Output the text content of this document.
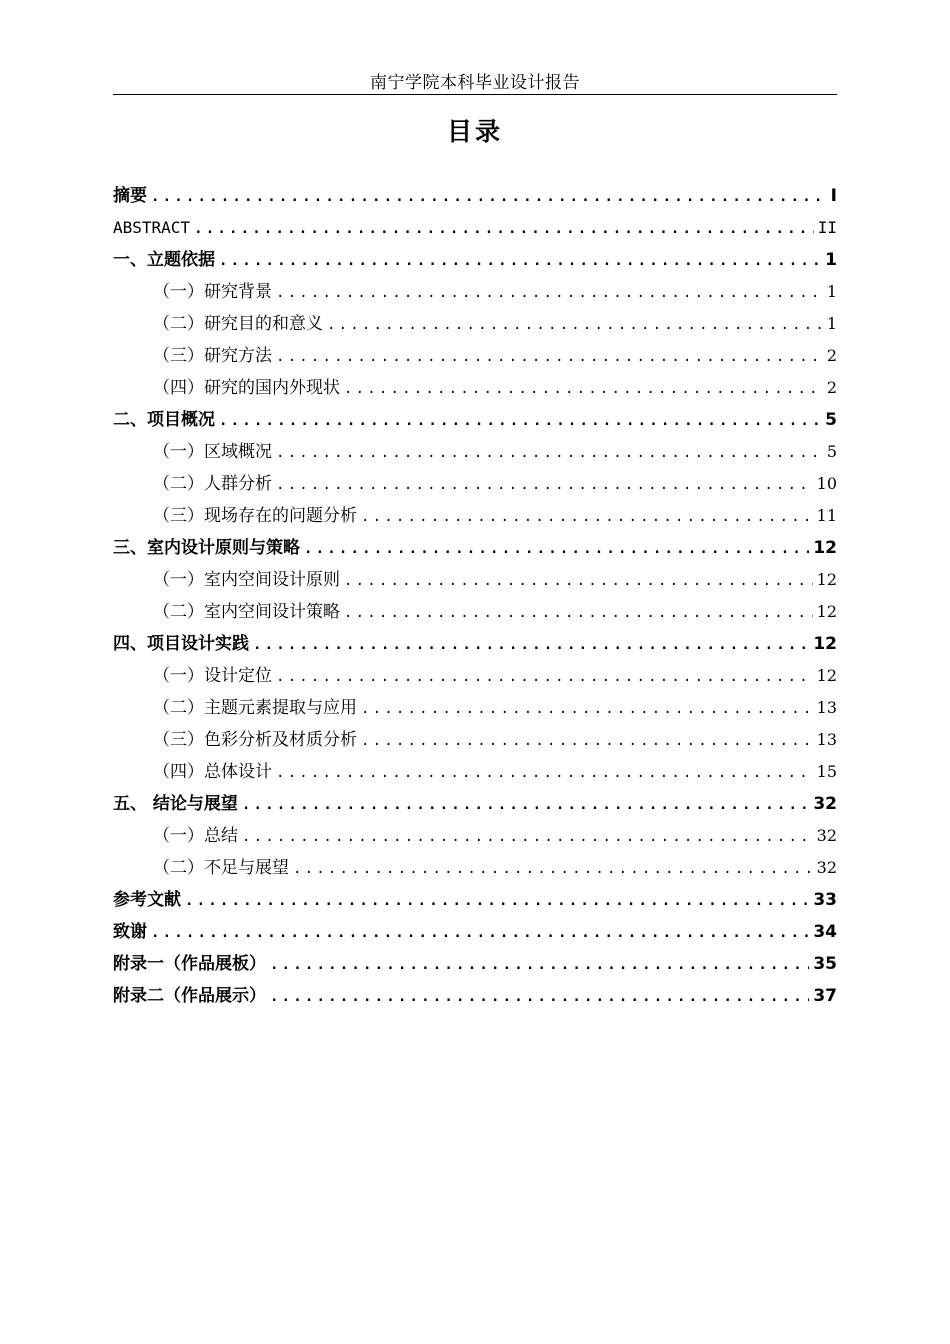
南宁学院本科毕业设计报告
目录
摘要 .....	I
ABSTRACT .....	II
一、立题依据 .....	1
（一）研究背景 .....	1
（二）研究目的和意义 .....	1
（三）研究方法 .....	2
（四）研究的国内外现状 .....	2
二、项目概况 .....	5
（一）区域概况 .....	5
（二）人群分析 .....	10
（三）现场存在的问题分析 .....	11
三、室内设计原则与策略 .....	12
（一）室内空间设计原则 .....	12
（二）室内空间设计策略 .....	12
四、项目设计实践 .....	12
（一）设计定位 .....	12
（二）主题元素提取与应用 .....	13
（三）色彩分析及材质分析 .....	13
（四）总体设计 .....	15
五、 结论与展望 .....	32
（一）总结 .....	32
（二）不足与展望 .....	32
参考文献 .....	33
致谢 .....	34
附录一（作品展板） .....	35
附录二（作品展示） .....	37
